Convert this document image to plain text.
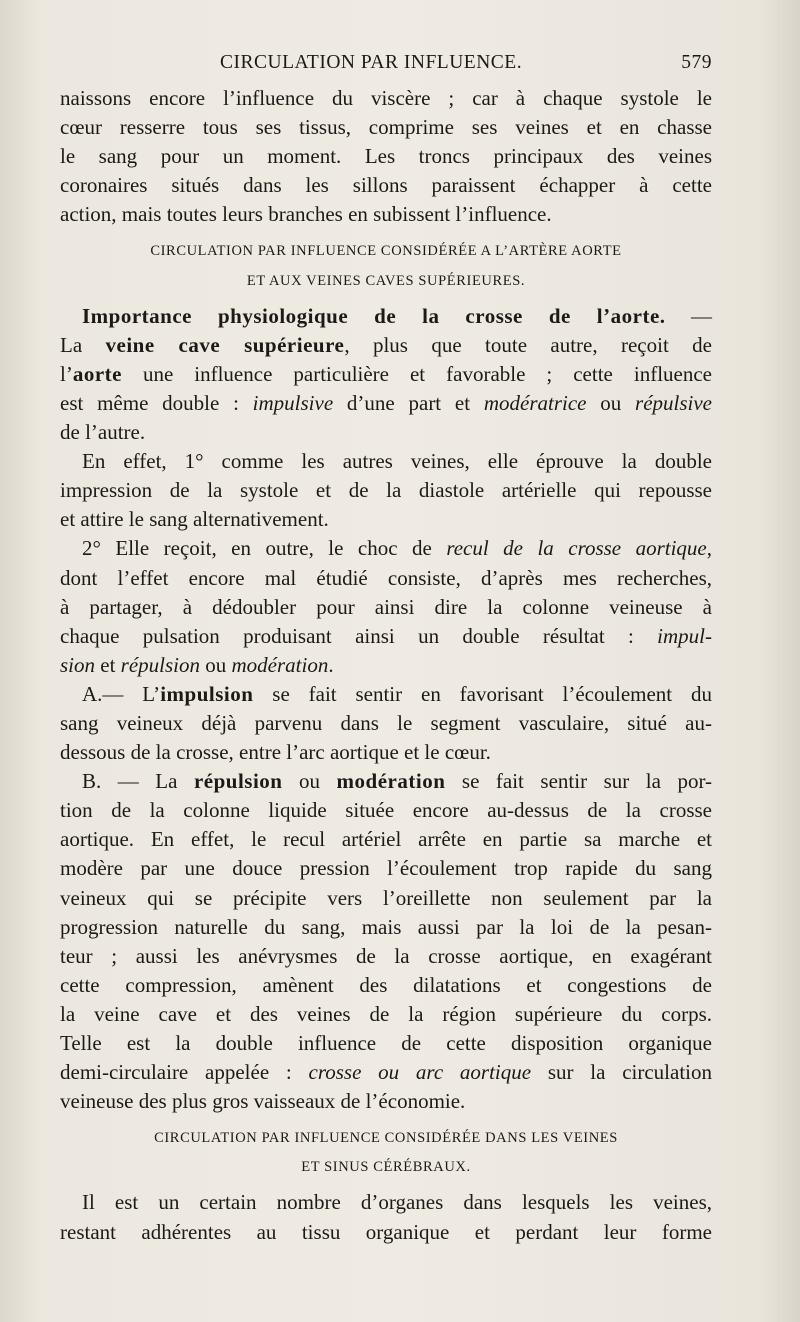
CIRCULATION PAR INFLUENCE.	579
naissons encore l’influence du viscère ; car à chaque systole le
cœur resserre tous ses tissus, comprime ses veines et en chasse
le sang pour un moment. Les troncs principaux des veines
coronaires situés dans les sillons paraissent échapper à cette
action, mais toutes leurs branches en subissent l’influence.
CIRCULATION PAR INFLUENCE CONSIDÉRÉE A L’ARTÈRE AORTE
ET AUX VEINES CAVES SUPÉRIEURES.
Importance physiologique de la crosse de l’aorte. —
La veine cave supérieure, plus que toute autre, reçoit de
l’aorte une influence particulière et favorable ; cette influence
est même double : impulsive d’une part et modératrice ou répulsive
de l’autre.
En effet, 1° comme les autres veines, elle éprouve la double
impression de la systole et de la diastole artérielle qui repousse
et attire le sang alternativement.
2° Elle reçoit, en outre, le choc de recul de la crosse aortique,
dont l’effet encore mal étudié consiste, d’après mes recherches,
à partager, à dédoubler pour ainsi dire la colonne veineuse à
chaque pulsation produisant ainsi un double résultat : impul-
sion et répulsion ou modération.
A.— L’impulsion se fait sentir en favorisant l’écoulement du
sang veineux déjà parvenu dans le segment vasculaire, situé au-
dessous de la crosse, entre l’arc aortique et le cœur.
B. — La répulsion ou modération se fait sentir sur la por-
tion de la colonne liquide située encore au-dessus de la crosse
aortique. En effet, le recul artériel arrête en partie sa marche et
modère par une douce pression l’écoulement trop rapide du sang
veineux qui se précipite vers l’oreillette non seulement par la
progression naturelle du sang, mais aussi par la loi de la pesan-
teur ; aussi les anévrysmes de la crosse aortique, en exagérant
cette compression, amènent des dilatations et congestions de
la veine cave et des veines de la région supérieure du corps.
Telle est la double influence de cette disposition organique
demi-circulaire appelée : crosse ou arc aortique sur la circulation
veineuse des plus gros vaisseaux de l’économie.
CIRCULATION PAR INFLUENCE CONSIDÉRÉE DANS LES VEINES
ET SINUS CÉRÉBRAUX.
Il est un certain nombre d’organes dans lesquels les veines,
restant adhérentes au tissu organique et perdant leur forme
